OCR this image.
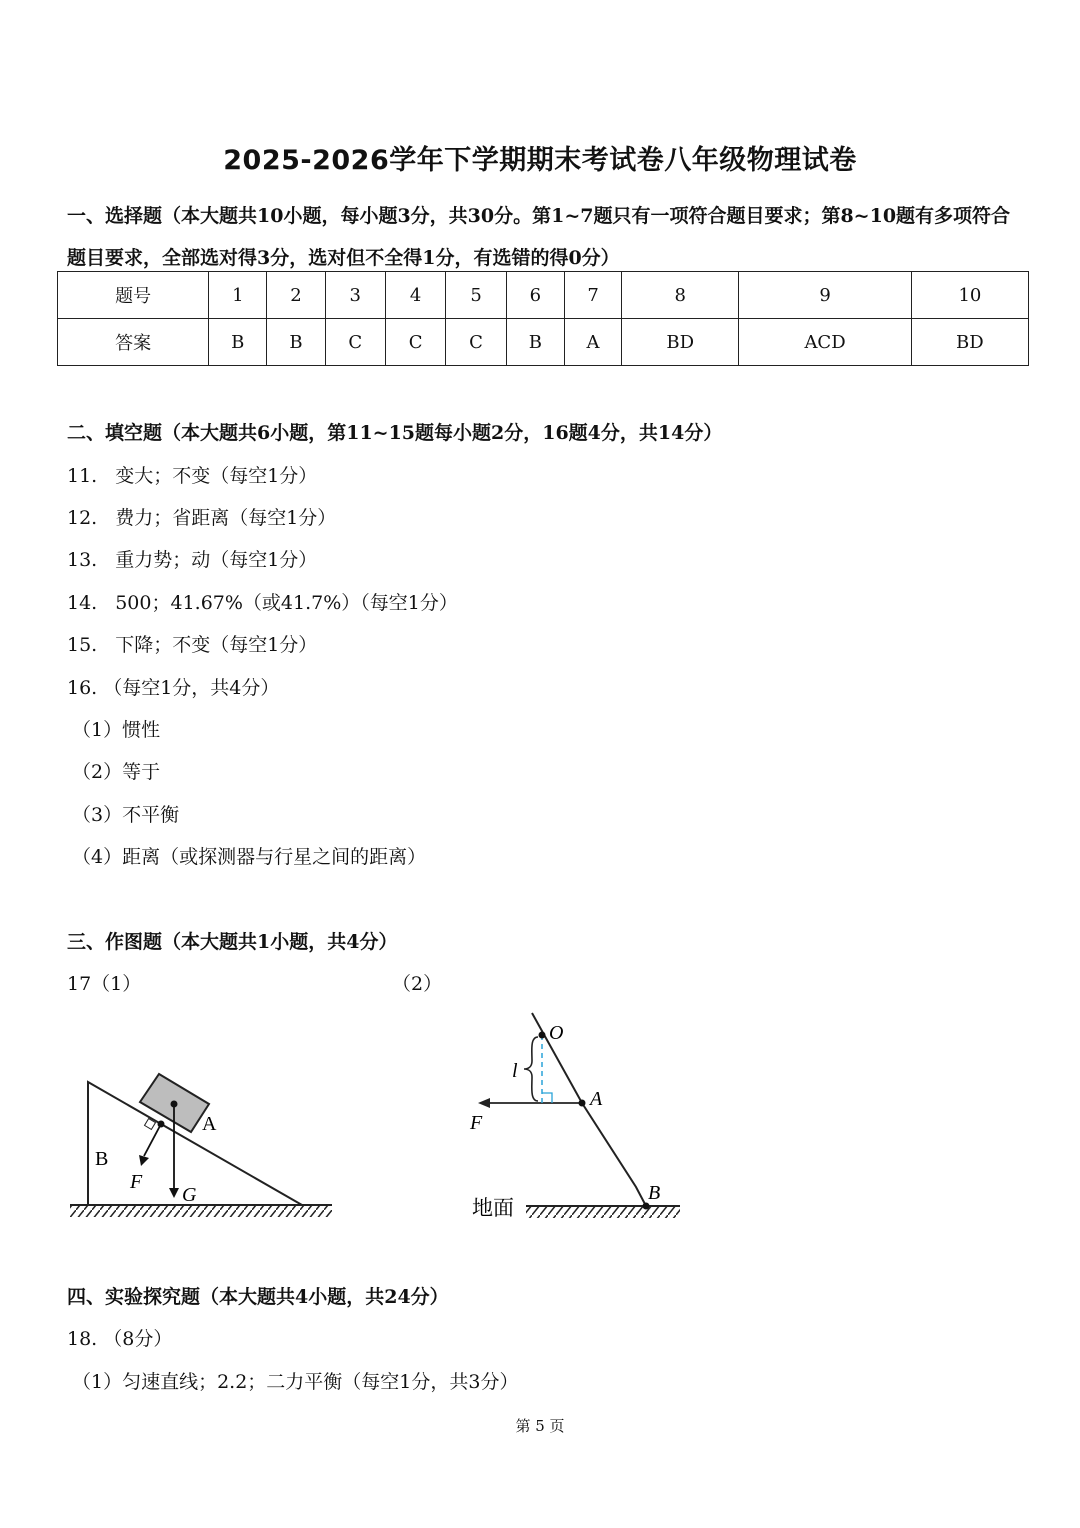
2025-2026学年下学期期末考试卷八年级物理试卷
一、选择题（本大题共10小题，每小题3分，共30分。第1~7题只有一项符合题目要求；第8~10题有多项符合题目要求，全部选对得3分，选对但不全得1分，有选错的得0分）
题号	1	2	3	4	5	6	7	8	9	10
答案	B	B	C	C	C	B	A	BD	ACD	BD
二、填空题（本大题共6小题，第11~15题每小题2分，16题4分，共14分）
11. 变大；不变（每空1分）
12. 费力；省距离（每空1分）
13. 重力势；动（每空1分）
14. 500；41.67%（或41.7%）（每空1分）
15. 下降；不变（每空1分）
16. （每空1分，共4分）
（1）惯性
（2）等于
（3）不平衡
（4）距离（或探测器与行星之间的距离）
三、作图题（本大题共1小题，共4分）
17（1）	（2）
A
B
F
G
O
l
A
F
B
地面
四、实验探究题（本大题共4小题，共24分）
18. （8分）
（1）匀速直线；2.2；二力平衡（每空1分，共3分）
第 5 页
